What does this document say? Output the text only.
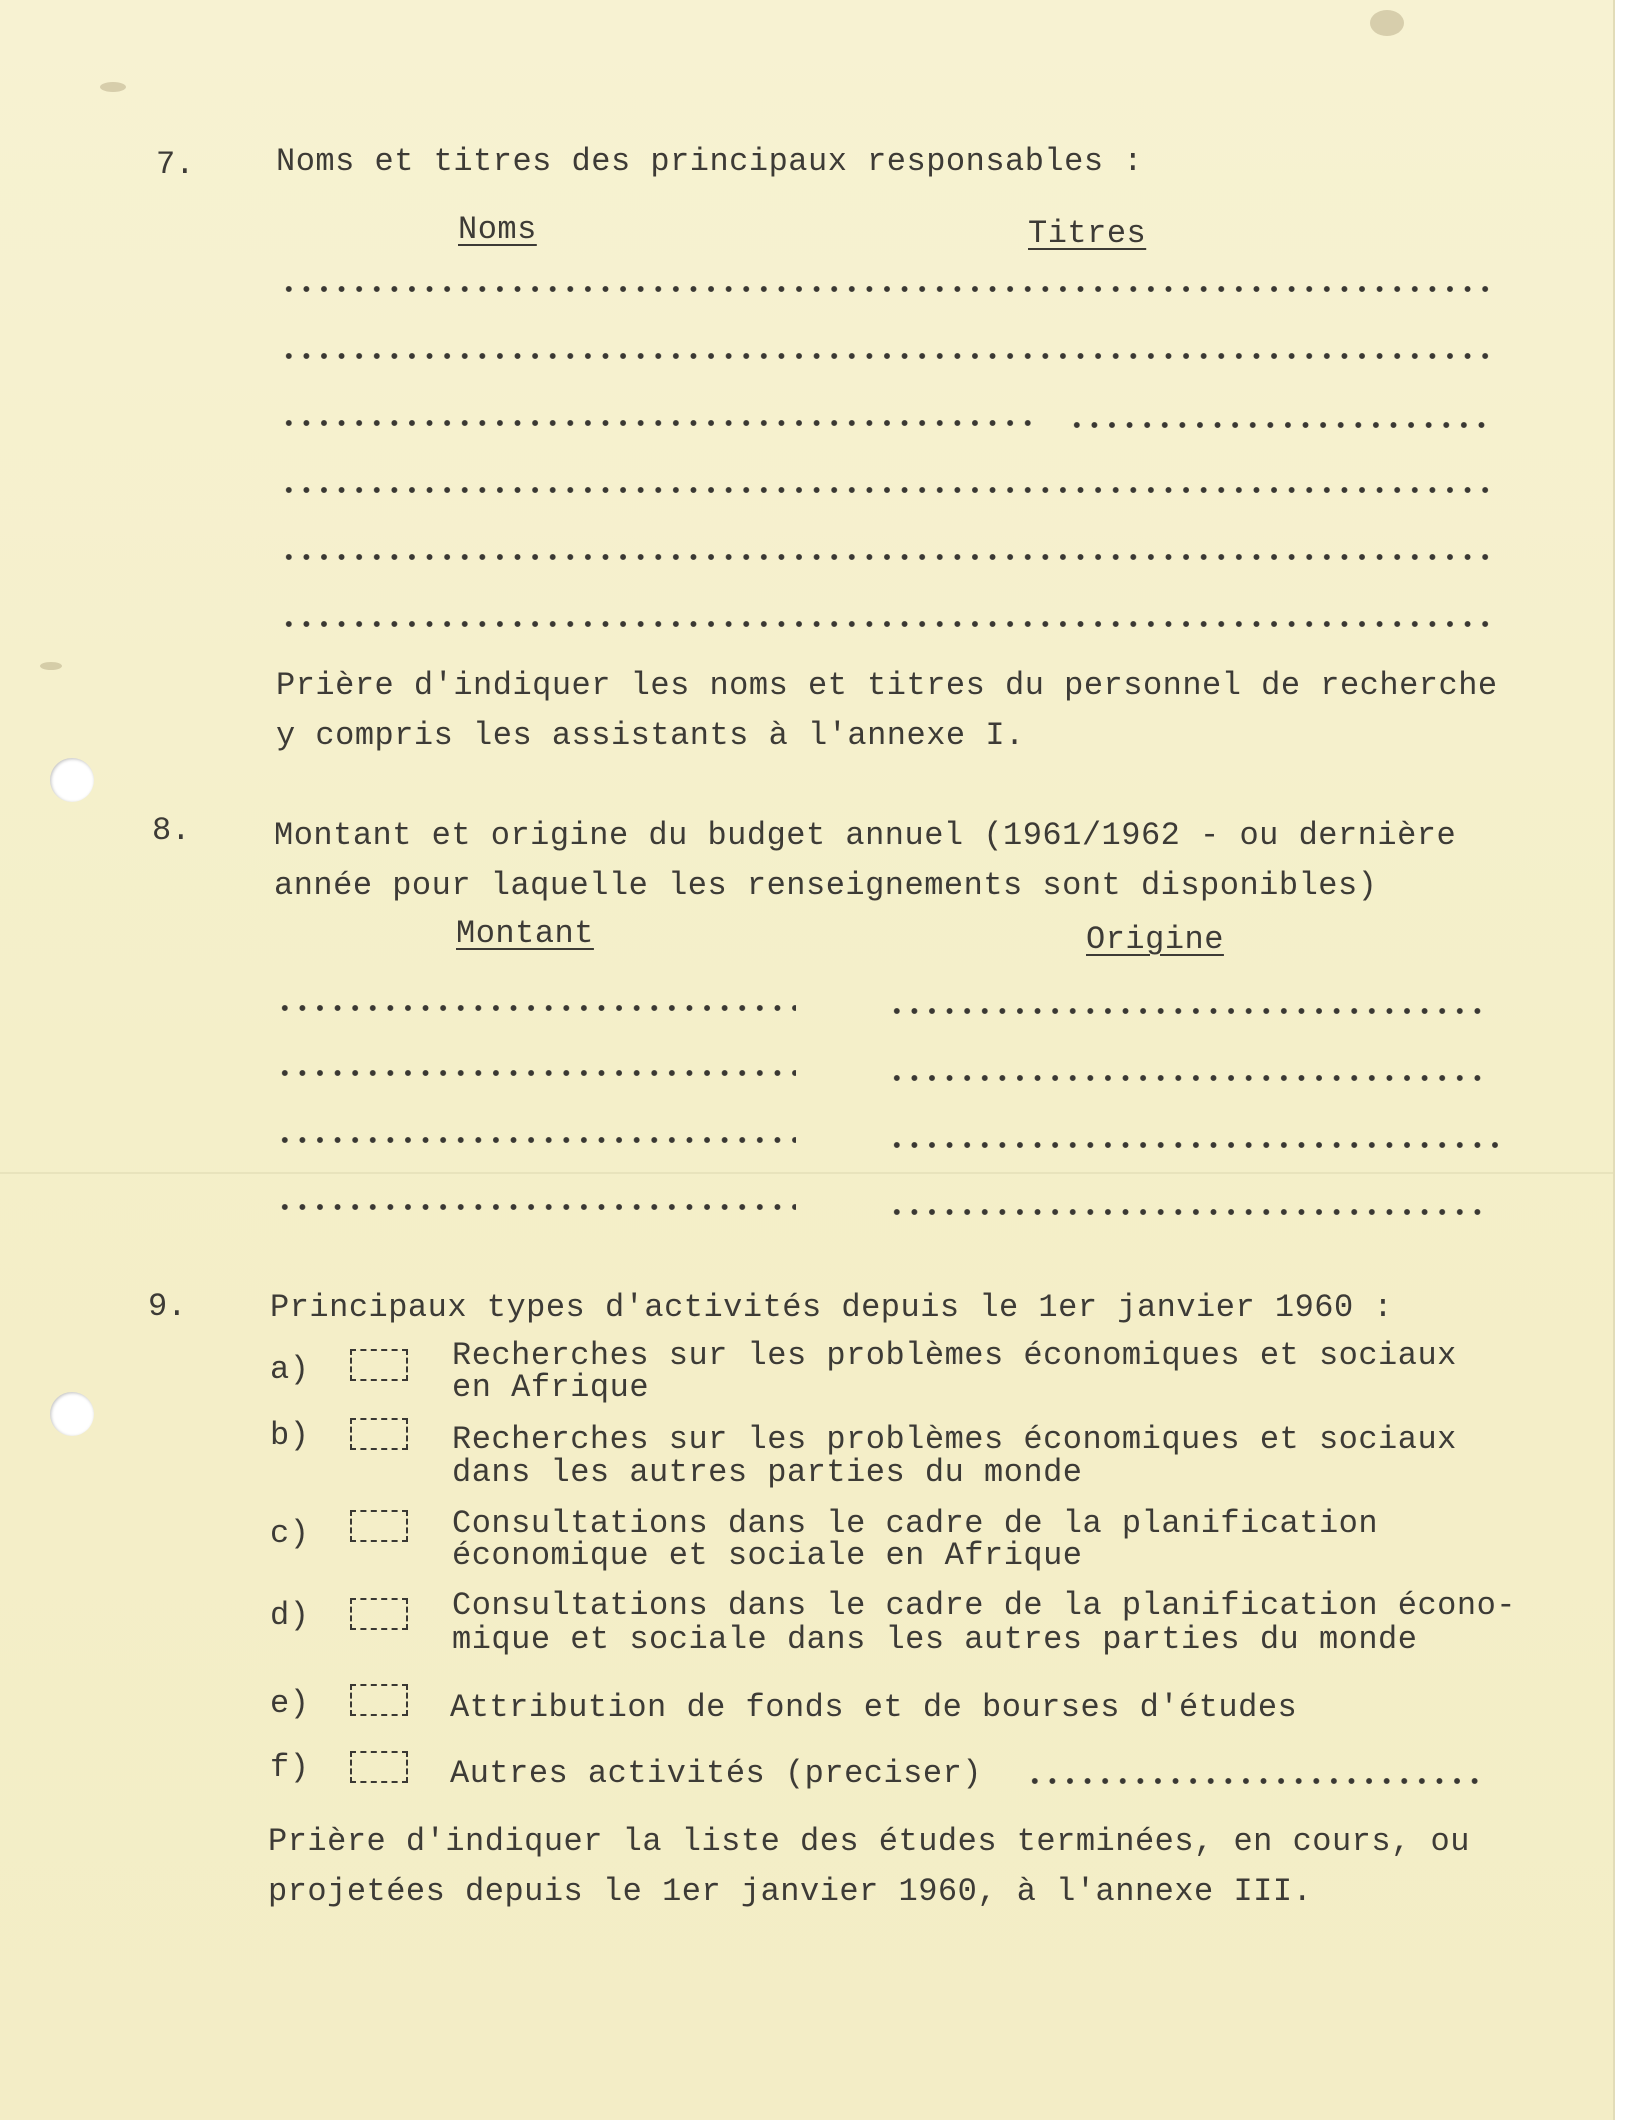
7.	Noms et titres des principaux responsables :
Noms	Titres
Prière d'indiquer les noms et titres du personnel de recherche
y compris les assistants à l'annexe I.
8.	Montant et origine du budget annuel (1961/1962 - ou dernière
année pour laquelle les renseignements sont disponibles)
Montant	Origine
9.	Principaux types d'activités depuis le 1er janvier 1960 :
a)	Recherches sur les problèmes économiques et sociaux
en Afrique
b)	Recherches sur les problèmes économiques et sociaux
dans les autres parties du monde
c)	Consultations dans le cadre de la planification
économique et sociale en Afrique
d)	Consultations dans le cadre de la planification écono-
mique et sociale dans les autres parties du monde
e)	Attribution de fonds et de bourses d'études
f)	Autres activités (preciser)
Prière d'indiquer la liste des études terminées, en cours, ou
projetées depuis le 1er janvier 1960, à l'annexe III.
